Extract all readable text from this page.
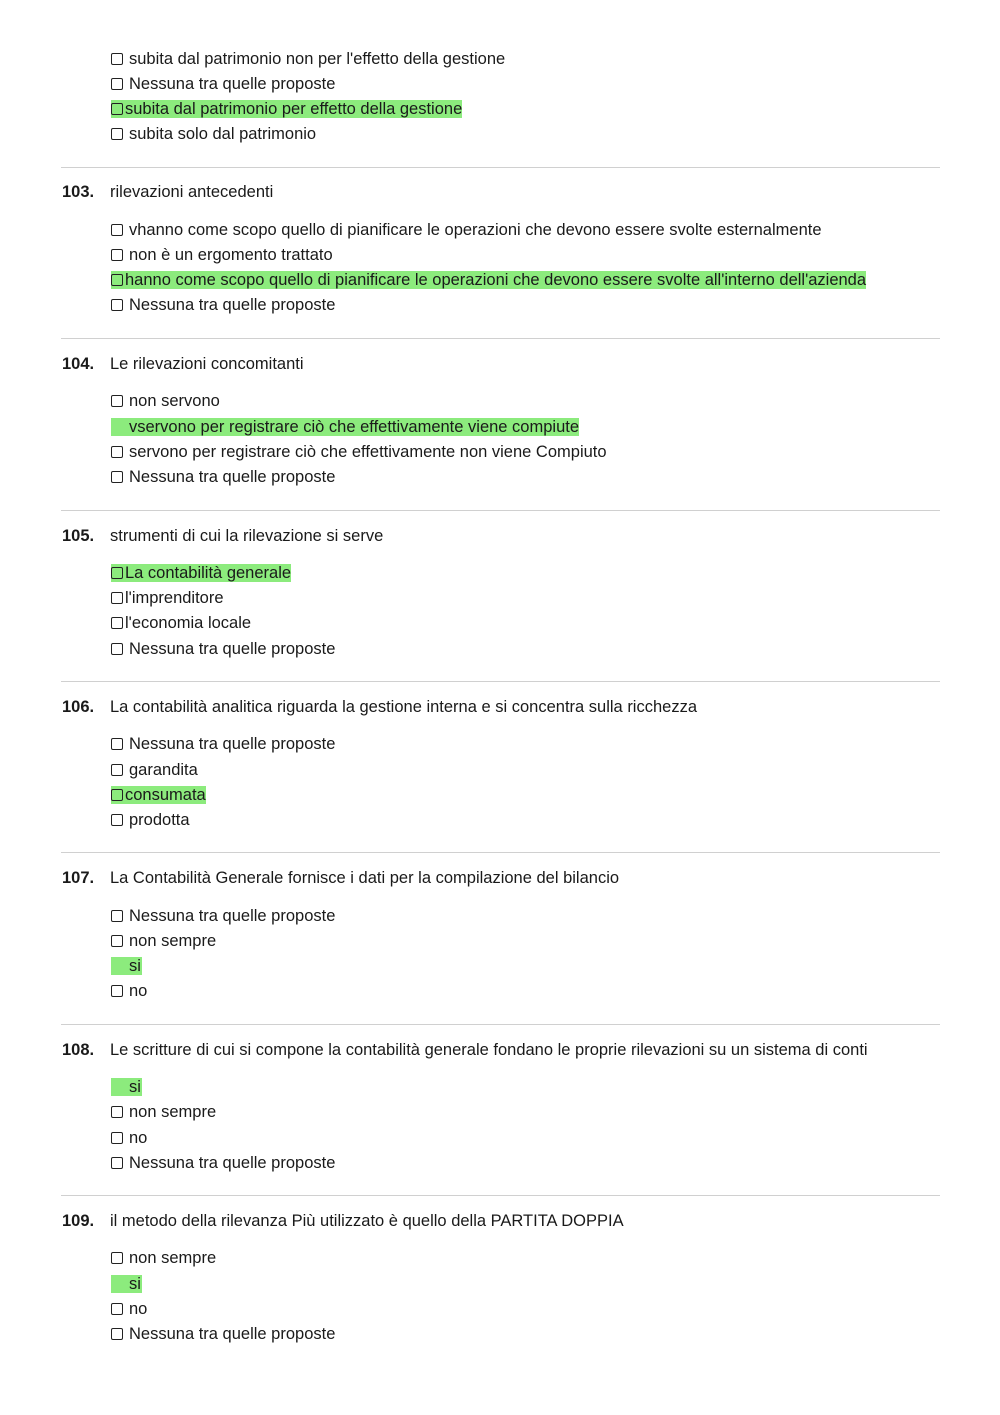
subita dal patrimonio non per l'effetto della gestione
Nessuna tra quelle proposte
subita dal patrimonio per effetto della gestione
subita solo dal patrimonio
103. rilevazioni antecedenti
vhanno come scopo quello di pianificare le operazioni che devono essere svolte esternalmente
non è un ergomento trattato
hanno come scopo quello di pianificare le operazioni che devono essere svolte all'interno dell'azienda
Nessuna tra quelle proposte
104. Le rilevazioni concomitanti
non servono
vservono per registrare ciò che effettivamente viene compiute
servono per registrare ciò che effettivamente non viene Compiuto
Nessuna tra quelle proposte
105. strumenti di cui la rilevazione si serve
La contabilità generale
l'imprenditore
l'economia locale
Nessuna tra quelle proposte
106. La contabilità analitica riguarda la gestione interna e si concentra sulla ricchezza
Nessuna tra quelle proposte
garandita
consumata
prodotta
107. La Contabilità Generale fornisce i dati per la compilazione del bilancio
Nessuna tra quelle proposte
non sempre
si
no
108. Le scritture di cui si compone la contabilità generale fondano le proprie rilevazioni su un sistema di conti
si
non sempre
no
Nessuna tra quelle proposte
109. il metodo della rilevanza Più utilizzato è quello della PARTITA DOPPIA
non sempre
si
no
Nessuna tra quelle proposte
